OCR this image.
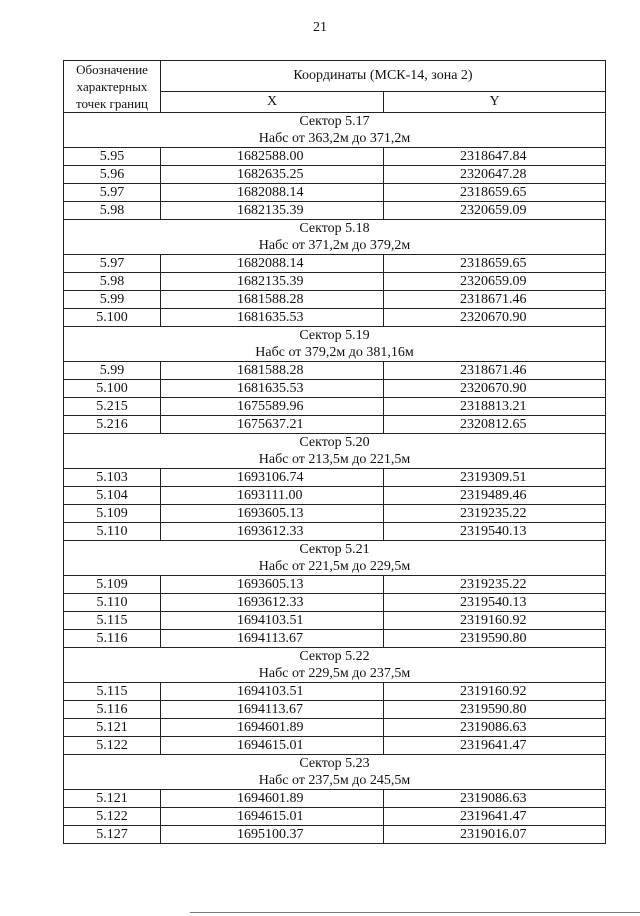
21
Обозначение характерных точек границ	Координаты (МСК-14, зона 2)	
	X	Y

Сектор 5.17
Набс от 363,2м до 371,2м		

5.95	1682588.00	2318647.84
5.96	1682635.25	2320647.28
5.97	1682088.14	2318659.65
5.98	1682135.39	2320659.09

Сектор 5.18
Набс от 371,2м до 379,2м		

5.97	1682088.14	2318659.65
5.98	1682135.39	2320659.09
5.99	1681588.28	2318671.46
5.100	1681635.53	2320670.90

Сектор 5.19
Набс от 379,2м до 381,16м		

5.99	1681588.28	2318671.46
5.100	1681635.53	2320670.90
5.215	1675589.96	2318813.21
5.216	1675637.21	2320812.65

Сектор 5.20
Набс от 213,5м до 221,5м		

5.103	1693106.74	2319309.51
5.104	1693111.00	2319489.46
5.109	1693605.13	2319235.22
5.110	1693612.33	2319540.13

Сектор 5.21
Набс от 221,5м до 229,5м		

5.109	1693605.13	2319235.22
5.110	1693612.33	2319540.13
5.115	1694103.51	2319160.92
5.116	1694113.67	2319590.80

Сектор 5.22
Набс от 229,5м до 237,5м		

5.115	1694103.51	2319160.92
5.116	1694113.67	2319590.80
5.121	1694601.89	2319086.63
5.122	1694615.01	2319641.47

Сектор 5.23
Набс от 237,5м до 245,5м		

5.121	1694601.89	2319086.63
5.122	1694615.01	2319641.47
5.127	1695100.37	2319016.07
